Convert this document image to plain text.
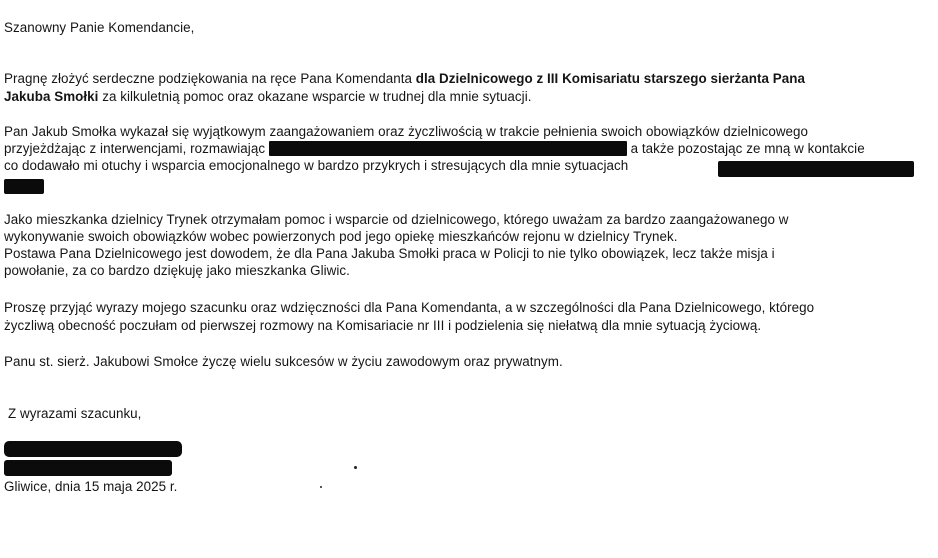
Szanowny Panie Komendancie,
Pragnę złożyć serdeczne podziękowania na ręce Pana Komendanta dla Dzielnicowego z III Komisariatu starszego sierżanta Pana
Jakuba Smołki za kilkuletnią pomoc oraz okazane wsparcie w trudnej dla mnie sytuacji.
Pan Jakub Smołka wykazał się wyjątkowym zaangażowaniem oraz życzliwością w trakcie pełnienia swoich obowiązków dzielnicowego
przyjeżdżając z interwencjami, rozmawiając	a także pozostając ze mną w kontakcie
co dodawało mi otuchy i wsparcia emocjonalnego w bardzo przykrych i stresujących dla mnie sytuacjach
Jako mieszkanka dzielnicy Trynek otrzymałam pomoc i wsparcie od dzielnicowego, którego uważam za bardzo zaangażowanego w
wykonywanie swoich obowiązków wobec powierzonych pod jego opiekę mieszkańców rejonu w dzielnicy Trynek.
Postawa Pana Dzielnicowego jest dowodem, że dla Pana Jakuba Smołki praca w Policji to nie tylko obowiązek, lecz także misja i
powołanie, za co bardzo dziękuję jako mieszkanka Gliwic.
Proszę przyjąć wyrazy mojego szacunku oraz wdzięczności dla Pana Komendanta, a w szczególności dla Pana Dzielnicowego, którego
życzliwą obecność poczułam od pierwszej rozmowy na Komisariacie nr III i podzielenia się niełatwą dla mnie sytuacją życiową.
Panu st. sierż. Jakubowi Smołce życzę wielu sukcesów w życiu zawodowym oraz prywatnym.
Z wyrazami szacunku,
Gliwice, dnia 15 maja 2025 r.
